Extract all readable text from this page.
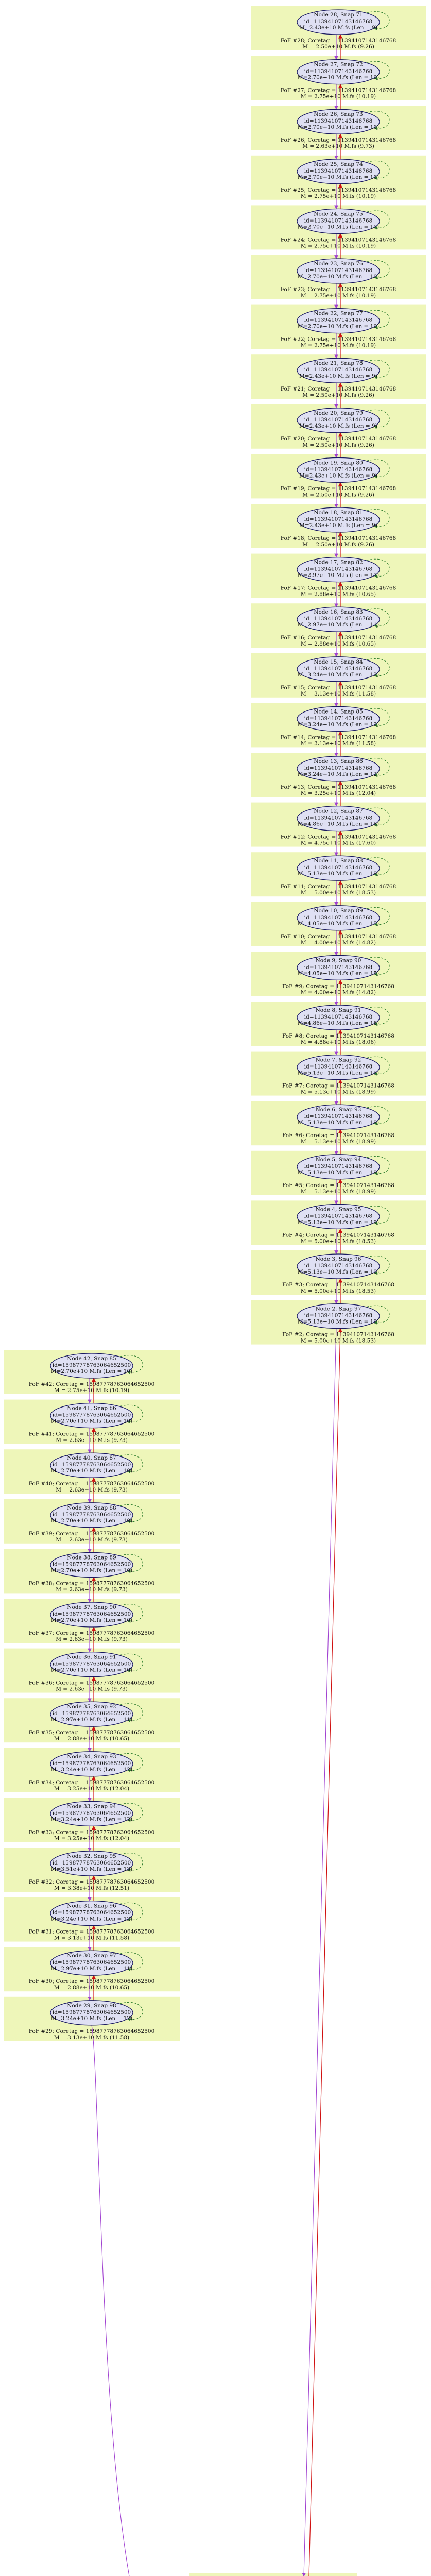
FoF #28; Coretag = 11394107143146768
M = 2.50e+10 M.fs (9.26)
FoF #27; Coretag = 11394107143146768
M = 2.75e+10 M.fs (10.19)
FoF #26; Coretag = 11394107143146768
M = 2.63e+10 M.fs (9.73)
FoF #25; Coretag = 11394107143146768
M = 2.75e+10 M.fs (10.19)
FoF #24; Coretag = 11394107143146768
M = 2.75e+10 M.fs (10.19)
FoF #23; Coretag = 11394107143146768
M = 2.75e+10 M.fs (10.19)
FoF #22; Coretag = 11394107143146768
M = 2.75e+10 M.fs (10.19)
FoF #21; Coretag = 11394107143146768
M = 2.50e+10 M.fs (9.26)
FoF #20; Coretag = 11394107143146768
M = 2.50e+10 M.fs (9.26)
FoF #19; Coretag = 11394107143146768
M = 2.50e+10 M.fs (9.26)
FoF #18; Coretag = 11394107143146768
M = 2.50e+10 M.fs (9.26)
FoF #17; Coretag = 11394107143146768
M = 2.88e+10 M.fs (10.65)
FoF #16; Coretag = 11394107143146768
M = 2.88e+10 M.fs (10.65)
FoF #15; Coretag = 11394107143146768
M = 3.13e+10 M.fs (11.58)
FoF #14; Coretag = 11394107143146768
M = 3.13e+10 M.fs (11.58)
FoF #13; Coretag = 11394107143146768
M = 3.25e+10 M.fs (12.04)
FoF #12; Coretag = 11394107143146768
M = 4.75e+10 M.fs (17.60)
FoF #11; Coretag = 11394107143146768
M = 5.00e+10 M.fs (18.53)
FoF #10; Coretag = 11394107143146768
M = 4.00e+10 M.fs (14.82)
FoF #9; Coretag = 11394107143146768
M = 4.00e+10 M.fs (14.82)
FoF #8; Coretag = 11394107143146768
M = 4.88e+10 M.fs (18.06)
FoF #7; Coretag = 11394107143146768
M = 5.13e+10 M.fs (18.99)
FoF #6; Coretag = 11394107143146768
M = 5.13e+10 M.fs (18.99)
FoF #5; Coretag = 11394107143146768
M = 5.13e+10 M.fs (18.99)
FoF #4; Coretag = 11394107143146768
M = 5.00e+10 M.fs (18.53)
FoF #3; Coretag = 11394107143146768
M = 5.00e+10 M.fs (18.53)
FoF #2; Coretag = 11394107143146768
M = 5.00e+10 M.fs (18.53)
FoF #42; Coretag = 15987778763064652500
M = 2.75e+10 M.fs (10.19)
FoF #41; Coretag = 15987778763064652500
M = 2.63e+10 M.fs (9.73)
FoF #40; Coretag = 15987778763064652500
M = 2.63e+10 M.fs (9.73)
FoF #39; Coretag = 15987778763064652500
M = 2.63e+10 M.fs (9.73)
FoF #38; Coretag = 15987778763064652500
M = 2.63e+10 M.fs (9.73)
FoF #37; Coretag = 15987778763064652500
M = 2.63e+10 M.fs (9.73)
FoF #36; Coretag = 15987778763064652500
M = 2.63e+10 M.fs (9.73)
FoF #35; Coretag = 15987778763064652500
M = 2.88e+10 M.fs (10.65)
FoF #34; Coretag = 15987778763064652500
M = 3.25e+10 M.fs (12.04)
FoF #33; Coretag = 15987778763064652500
M = 3.25e+10 M.fs (12.04)
FoF #32; Coretag = 15987778763064652500
M = 3.38e+10 M.fs (12.51)
FoF #31; Coretag = 15987778763064652500
M = 3.13e+10 M.fs (11.58)
FoF #30; Coretag = 15987778763064652500
M = 2.88e+10 M.fs (10.65)
FoF #29; Coretag = 15987778763064652500
M = 3.13e+10 M.fs (11.58)
Node 28, Snap 71
id=11394107143146768
M=2.43e+10 M.fs (Len = 9)
Node 27, Snap 72
id=11394107143146768
M=2.70e+10 M.fs (Len = 10)
Node 26, Snap 73
id=11394107143146768
M=2.70e+10 M.fs (Len = 10)
Node 25, Snap 74
id=11394107143146768
M=2.70e+10 M.fs (Len = 10)
Node 24, Snap 75
id=11394107143146768
M=2.70e+10 M.fs (Len = 10)
Node 23, Snap 76
id=11394107143146768
M=2.70e+10 M.fs (Len = 10)
Node 22, Snap 77
id=11394107143146768
M=2.70e+10 M.fs (Len = 10)
Node 21, Snap 78
id=11394107143146768
M=2.43e+10 M.fs (Len = 9)
Node 20, Snap 79
id=11394107143146768
M=2.43e+10 M.fs (Len = 9)
Node 19, Snap 80
id=11394107143146768
M=2.43e+10 M.fs (Len = 9)
Node 18, Snap 81
id=11394107143146768
M=2.43e+10 M.fs (Len = 9)
Node 17, Snap 82
id=11394107143146768
M=2.97e+10 M.fs (Len = 11)
Node 16, Snap 83
id=11394107143146768
M=2.97e+10 M.fs (Len = 11)
Node 15, Snap 84
id=11394107143146768
M=3.24e+10 M.fs (Len = 12)
Node 14, Snap 85
id=11394107143146768
M=3.24e+10 M.fs (Len = 12)
Node 13, Snap 86
id=11394107143146768
M=3.24e+10 M.fs (Len = 12)
Node 12, Snap 87
id=11394107143146768
M=4.86e+10 M.fs (Len = 18)
Node 11, Snap 88
id=11394107143146768
M=5.13e+10 M.fs (Len = 19)
Node 10, Snap 89
id=11394107143146768
M=4.05e+10 M.fs (Len = 15)
Node 9, Snap 90
id=11394107143146768
M=4.05e+10 M.fs (Len = 15)
Node 8, Snap 91
id=11394107143146768
M=4.86e+10 M.fs (Len = 18)
Node 7, Snap 92
id=11394107143146768
M=5.13e+10 M.fs (Len = 19)
Node 6, Snap 93
id=11394107143146768
M=5.13e+10 M.fs (Len = 19)
Node 5, Snap 94
id=11394107143146768
M=5.13e+10 M.fs (Len = 19)
Node 4, Snap 95
id=11394107143146768
M=5.13e+10 M.fs (Len = 19)
Node 3, Snap 96
id=11394107143146768
M=5.13e+10 M.fs (Len = 19)
Node 2, Snap 97
id=11394107143146768
M=5.13e+10 M.fs (Len = 19)
Node 42, Snap 85
id=15987778763064652500
M=2.70e+10 M.fs (Len = 10)
Node 41, Snap 86
id=15987778763064652500
M=2.70e+10 M.fs (Len = 10)
Node 40, Snap 87
id=15987778763064652500
M=2.70e+10 M.fs (Len = 10)
Node 39, Snap 88
id=15987778763064652500
M=2.70e+10 M.fs (Len = 10)
Node 38, Snap 89
id=15987778763064652500
M=2.70e+10 M.fs (Len = 10)
Node 37, Snap 90
id=15987778763064652500
M=2.70e+10 M.fs (Len = 10)
Node 36, Snap 91
id=15987778763064652500
M=2.70e+10 M.fs (Len = 10)
Node 35, Snap 92
id=15987778763064652500
M=2.97e+10 M.fs (Len = 11)
Node 34, Snap 93
id=15987778763064652500
M=3.24e+10 M.fs (Len = 12)
Node 33, Snap 94
id=15987778763064652500
M=3.24e+10 M.fs (Len = 12)
Node 32, Snap 95
id=15987778763064652500
M=3.51e+10 M.fs (Len = 13)
Node 31, Snap 96
id=15987778763064652500
M=3.24e+10 M.fs (Len = 12)
Node 30, Snap 97
id=15987778763064652500
M=2.97e+10 M.fs (Len = 11)
Node 29, Snap 98
id=15987778763064652500
M=3.24e+10 M.fs (Len = 12)
